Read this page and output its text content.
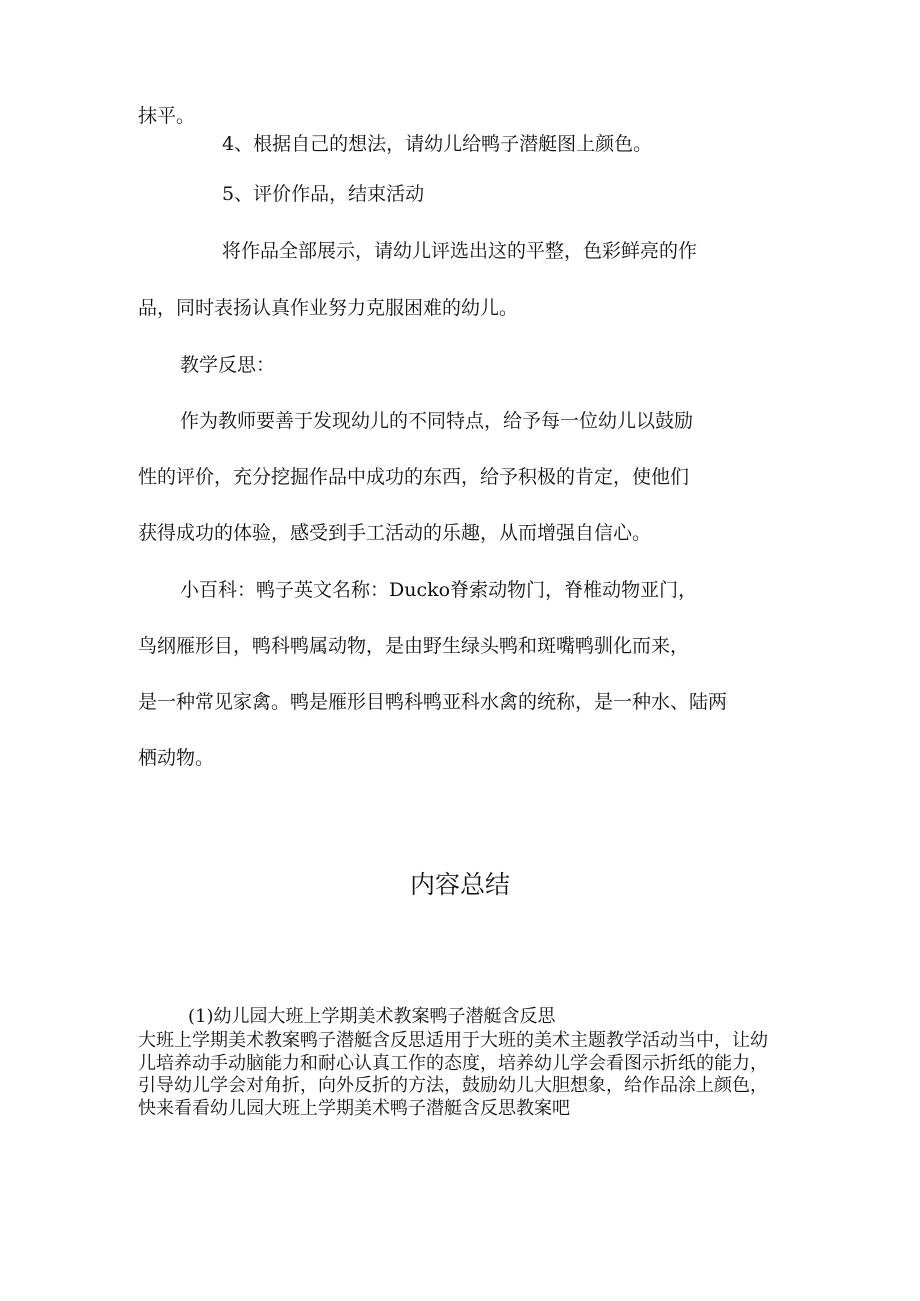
抹平。

4、根据自己的想法，请幼儿给鸭子潜艇图上颜色。

5、评价作品，结束活动

将作品全部展示，请幼儿评选出这的平整，色彩鲜亮的作

品，同时表扬认真作业努力克服困难的幼儿。

教学反思：

作为教师要善于发现幼儿的不同特点，给予每一位幼儿以鼓励

性的评价，充分挖掘作品中成功的东西，给予积极的肯定，使他们

获得成功的体验，感受到手工活动的乐趣，从而增强自信心。

小百科：鸭子英文名称：Ducko脊索动物门，脊椎动物亚门，

鸟纲雁形目，鸭科鸭属动物，是由野生绿头鸭和斑嘴鸭驯化而来，

是一种常见家禽。鸭是雁形目鸭科鸭亚科水禽的统称，是一种水、陆两

栖动物。

内容总结

(1)幼儿园大班上学期美术教案鸭子潜艇含反思

大班上学期美术教案鸭子潜艇含反思适用于大班的美术主题教学活动当中，让幼儿培养动手动脑能力和耐心认真工作的态度，培养幼儿学会看图示折纸的能力，引导幼儿学会对角折，向外反折的方法，鼓励幼儿大胆想象，给作品涂上颜色，快来看看幼儿园大班上学期美术鸭子潜艇含反思教案吧
